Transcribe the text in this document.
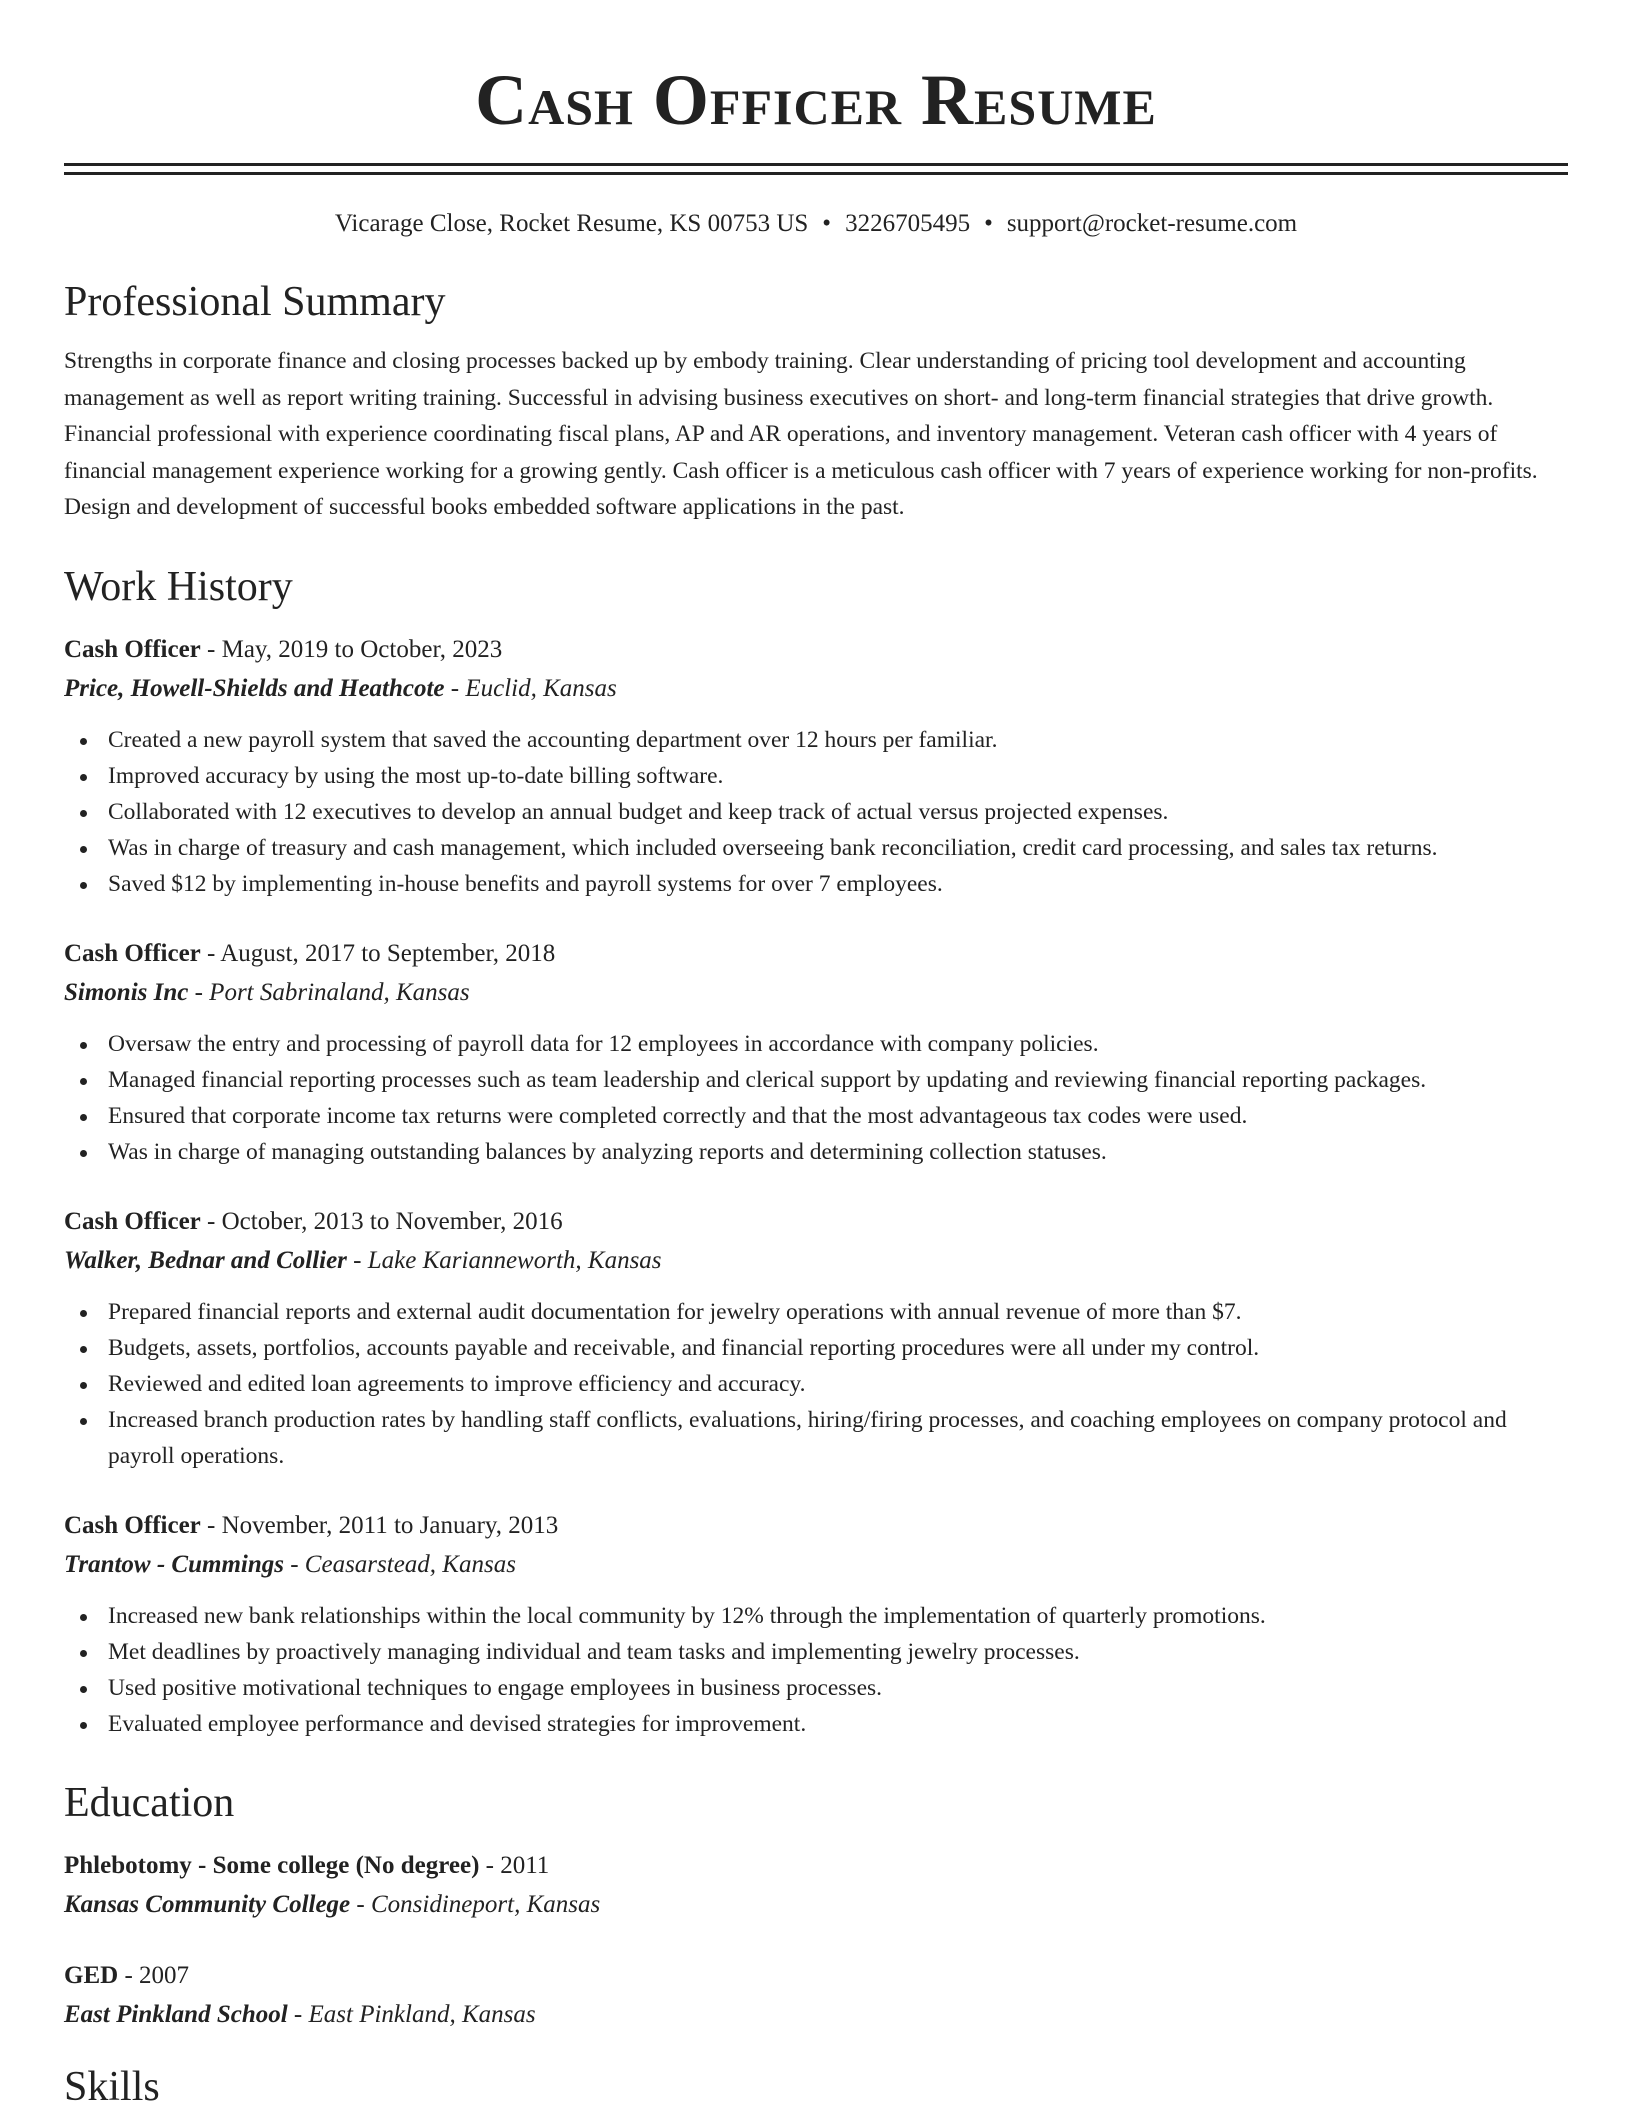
Cash Officer Resume
Vicarage Close, Rocket Resume, KS 00753 US • 3226705495 • support@rocket-resume.com
Professional Summary

Strengths in corporate finance and closing processes backed up by embody training. Clear understanding of pricing tool development and accounting management as well as report writing training. Successful in advising business executives on short- and long-term financial strategies that drive growth. Financial professional with experience coordinating fiscal plans, AP and AR operations, and inventory management. Veteran cash officer with 4 years of financial management experience working for a growing gently. Cash officer is a meticulous cash officer with 7 years of experience working for non-profits. Design and development of successful books embedded software applications in the past.

Work History
Cash Officer - May, 2019 to October, 2023
Price, Howell-Shields and Heathcote - Euclid, Kansas
Created a new payroll system that saved the accounting department over 12 hours per familiar.
Improved accuracy by using the most up-to-date billing software.
Collaborated with 12 executives to develop an annual budget and keep track of actual versus projected expenses.
Was in charge of treasury and cash management, which included overseeing bank reconciliation, credit card processing, and sales tax returns.
Saved $12 by implementing in-house benefits and payroll systems for over 7 employees.
Cash Officer - August, 2017 to September, 2018
Simonis Inc - Port Sabrinaland, Kansas
Oversaw the entry and processing of payroll data for 12 employees in accordance with company policies.
Managed financial reporting processes such as team leadership and clerical support by updating and reviewing financial reporting packages.
Ensured that corporate income tax returns were completed correctly and that the most advantageous tax codes were used.
Was in charge of managing outstanding balances by analyzing reports and determining collection statuses.
Cash Officer - October, 2013 to November, 2016
Walker, Bednar and Collier - Lake Karianneworth, Kansas
Prepared financial reports and external audit documentation for jewelry operations with annual revenue of more than $7.
Budgets, assets, portfolios, accounts payable and receivable, and financial reporting procedures were all under my control.
Reviewed and edited loan agreements to improve efficiency and accuracy.
Increased branch production rates by handling staff conflicts, evaluations, hiring/firing processes, and coaching employees on company protocol and payroll operations.
Cash Officer - November, 2011 to January, 2013
Trantow - Cummings - Ceasarstead, Kansas
Increased new bank relationships within the local community by 12% through the implementation of quarterly promotions.
Met deadlines by proactively managing individual and team tasks and implementing jewelry processes.
Used positive motivational techniques to engage employees in business processes.
Evaluated employee performance and devised strategies for improvement.
Education
Phlebotomy - Some college (No degree) - 2011
Kansas Community College - Considineport, Kansas
GED - 2007
East Pinkland School - East Pinkland, Kansas
Skills
